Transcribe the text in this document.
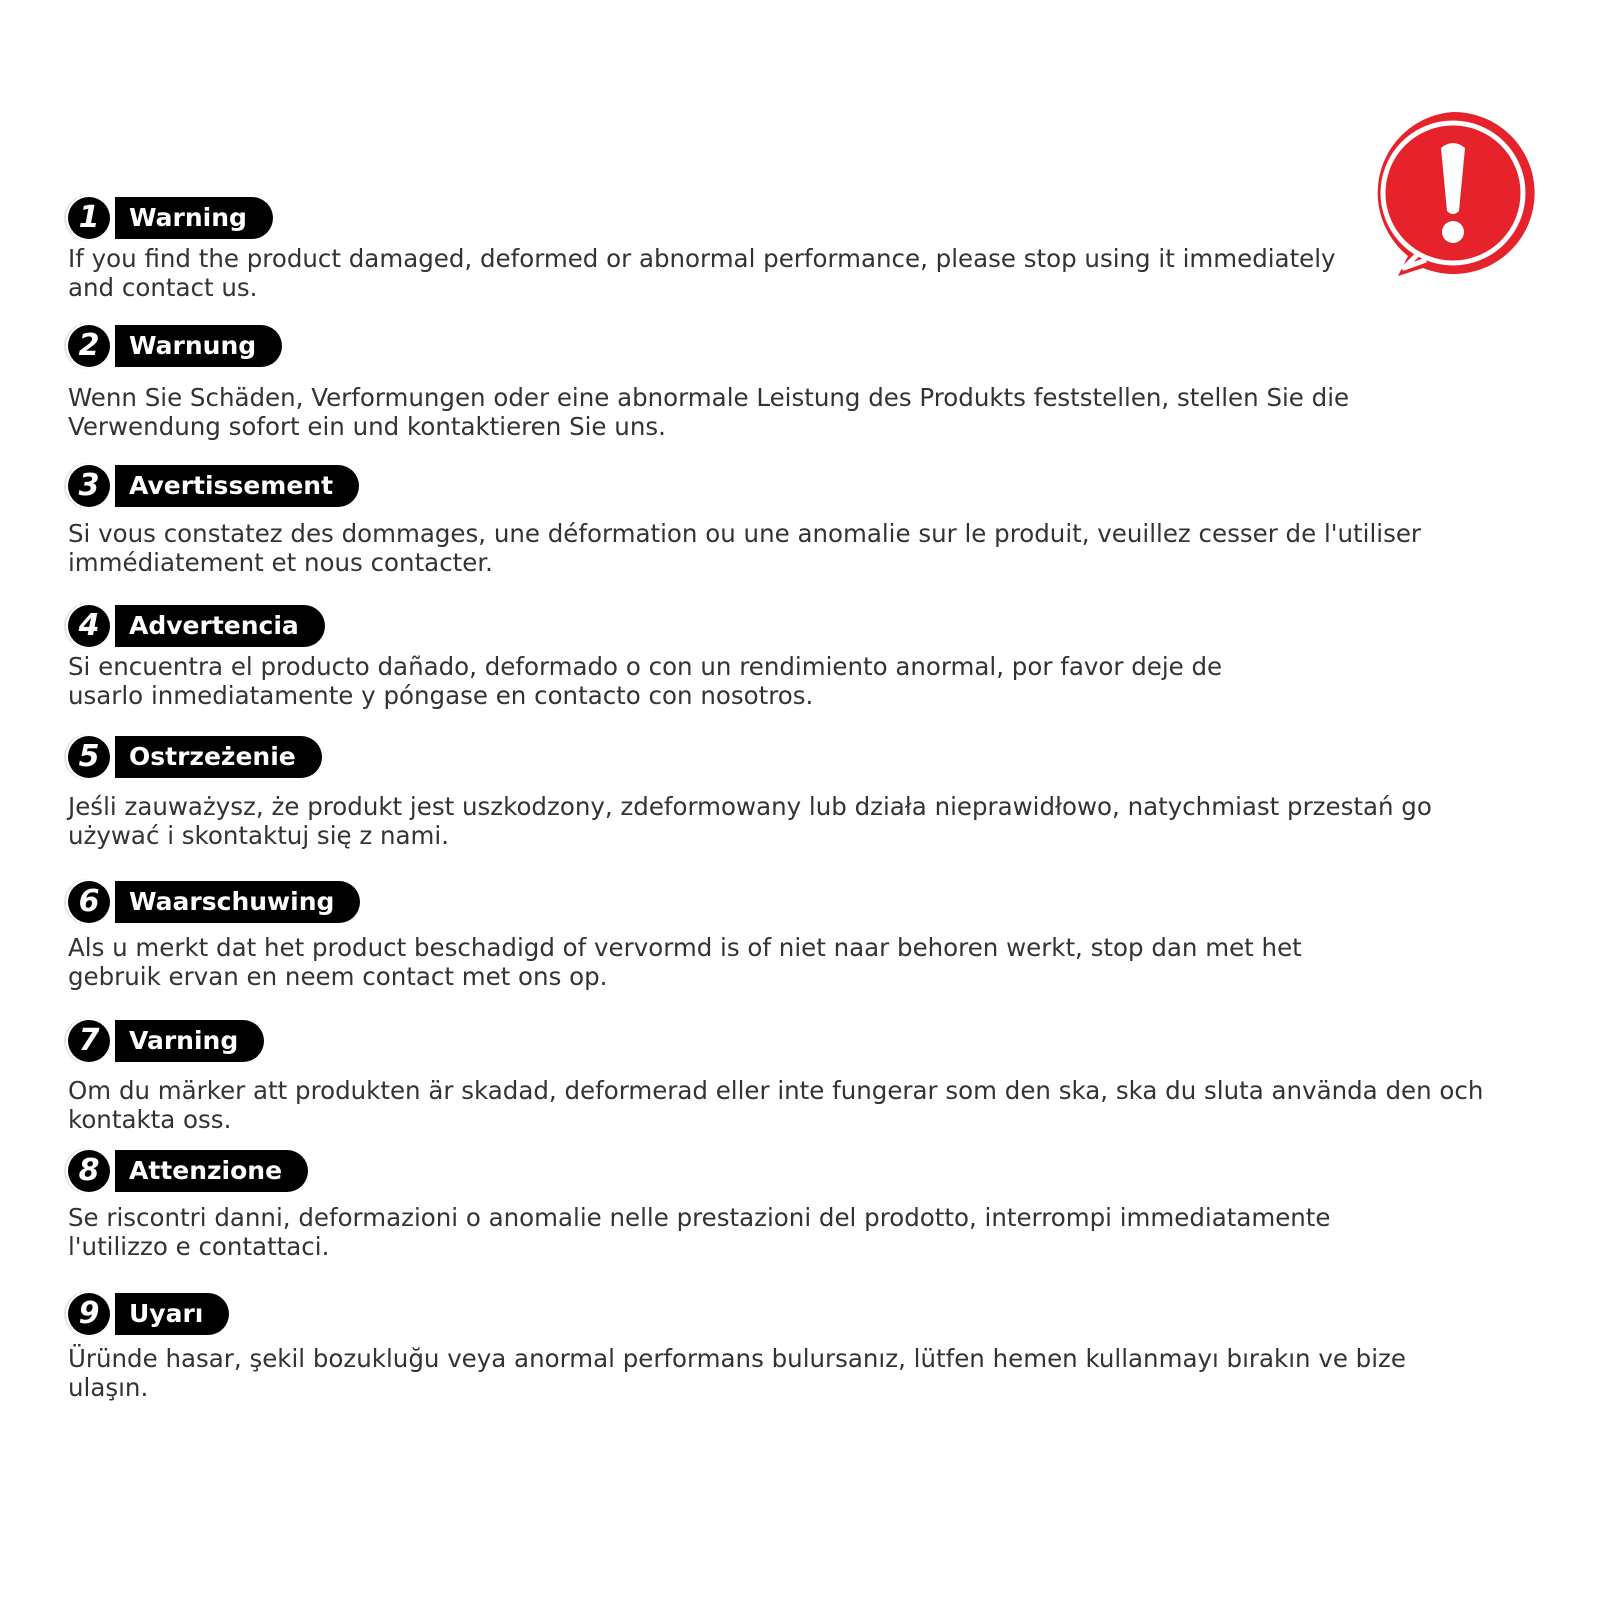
1	Warning

If you find the product damaged, deformed or abnormal performance, please stop using it immediately
and contact us.

2	Warnung

Wenn Sie Schäden, Verformungen oder eine abnormale Leistung des Produkts feststellen, stellen Sie die
Verwendung sofort ein und kontaktieren Sie uns.

3	Avertissement

Si vous constatez des dommages, une déformation ou une anomalie sur le produit, veuillez cesser de l'utiliser
immédiatement et nous contacter.

4	Advertencia

Si encuentra el producto dañado, deformado o con un rendimiento anormal, por favor deje de
usarlo inmediatamente y póngase en contacto con nosotros.

5	Ostrzeżenie

Jeśli zauważysz, że produkt jest uszkodzony, zdeformowany lub działa nieprawidłowo, natychmiast przestań go
używać i skontaktuj się z nami.

6	Waarschuwing

Als u merkt dat het product beschadigd of vervormd is of niet naar behoren werkt, stop dan met het
gebruik ervan en neem contact met ons op.

7	Varning

Om du märker att produkten är skadad, deformerad eller inte fungerar som den ska, ska du sluta använda den och
kontakta oss.

8	Attenzione

Se riscontri danni, deformazioni o anomalie nelle prestazioni del prodotto, interrompi immediatamente
l'utilizzo e contattaci.

9	Uyarı

Üründe hasar, şekil bozukluğu veya anormal performans bulursanız, lütfen hemen kullanmayı bırakın ve bize
ulaşın.
